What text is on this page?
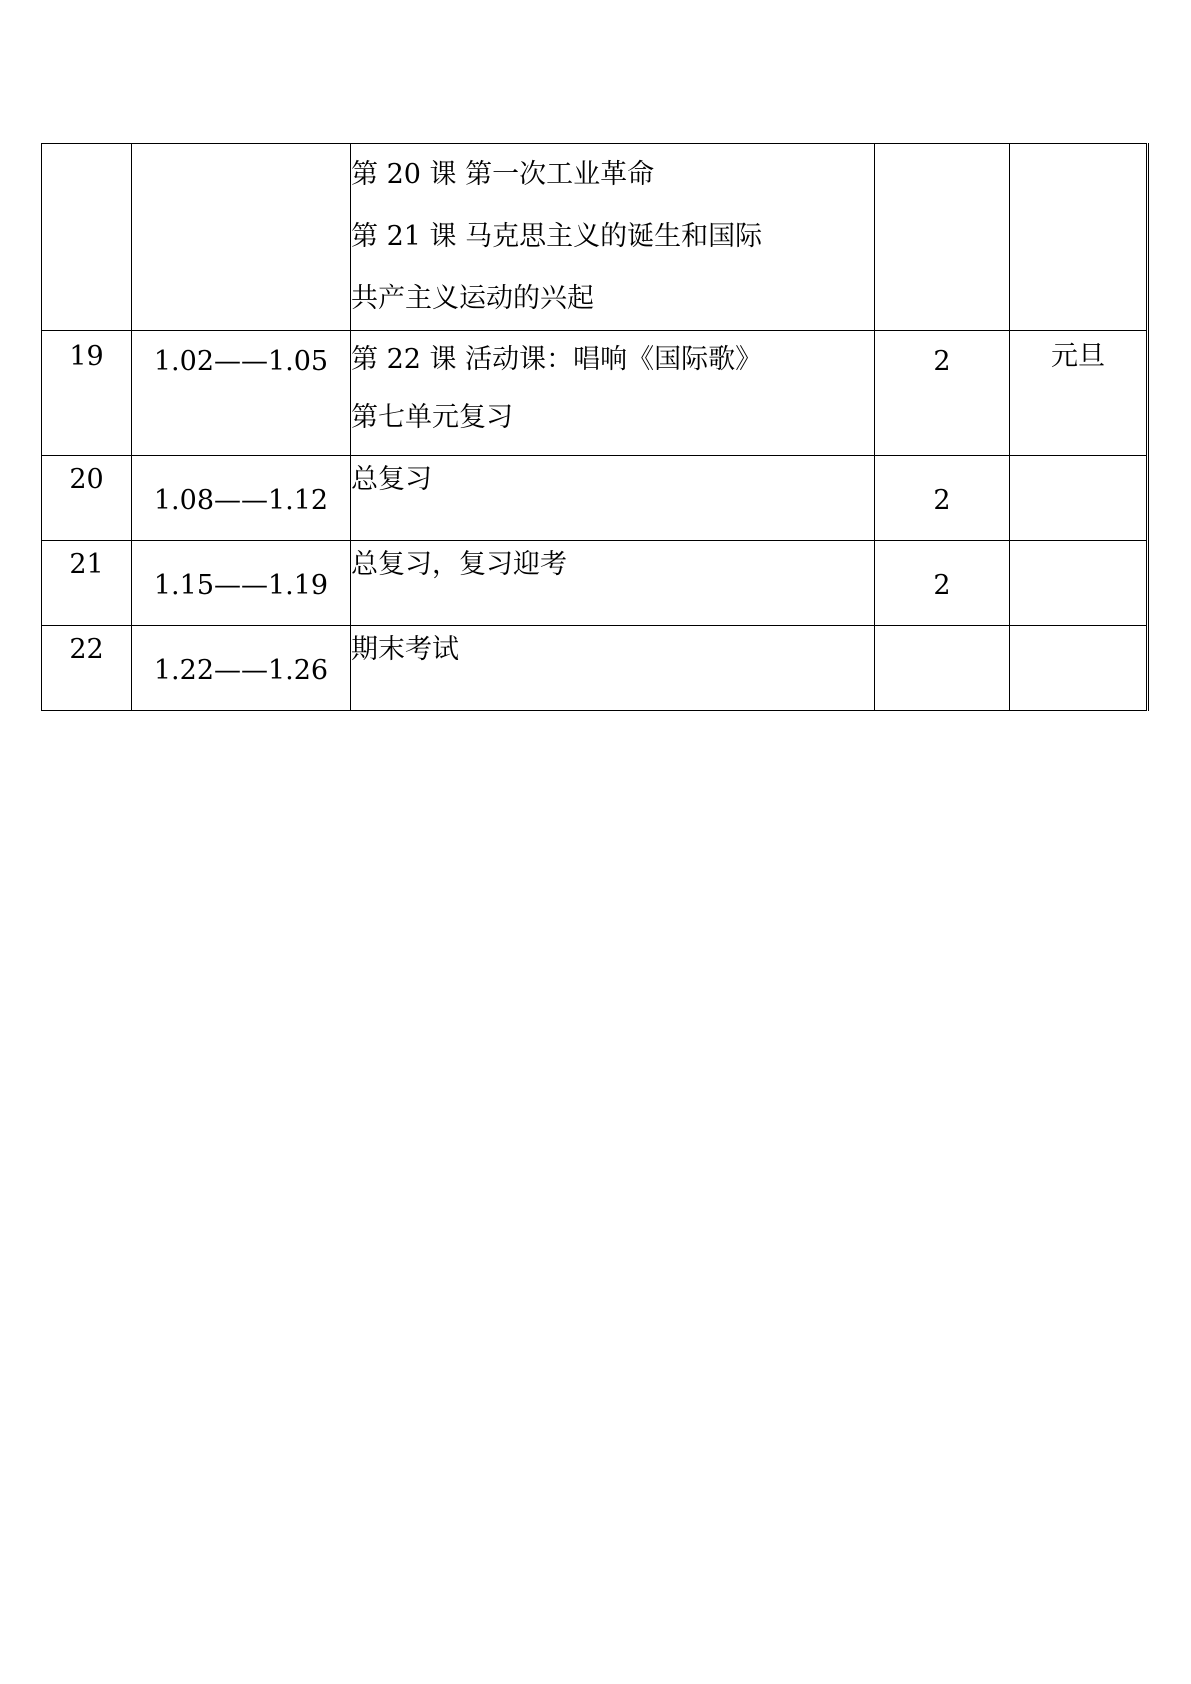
		第 20 课 第一次工业革命
第 21 课 马克思主义的诞生和国际
共产主义运动的兴起		

19	1.02——1.05	第 22 课 活动课：唱响《国际歌》
第七单元复习	2	元旦
20	1.08——1.12	总复习	2	
21	1.15——1.19	总复习，复习迎考	2	
22	1.22——1.26	期末考试		
